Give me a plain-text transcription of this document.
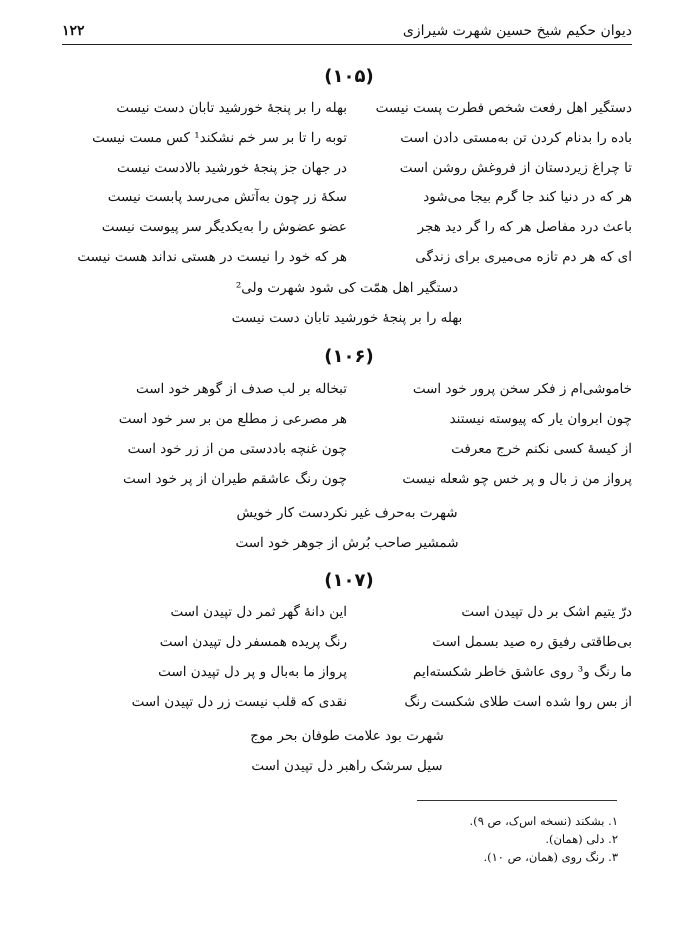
۱۲۲	دیوان حکیم شیخ حسین شهرت شیرازی
(۱۰۵)
دستگیر اهل رفعت شخص فطرت پست نیست
بهله را بر پنجهٔ خورشید تابان دست نیست
باده را بدنام کردن تن به‌مستی دادن است
توبه را تا بر سر خم نشکند¹ کس مست نیست
تا چراغ زیردستان از فروغش روشن است
در جهان جز پنجهٔ خورشید بالادست نیست
هر که در دنیا کند جا گرم بیجا می‌شود
سکهٔ زر چون به‌آتش می‌رسد پابست نیست
باعث درد مفاصل هر که را گر دید هجر
عضو عضوش را به‌یکدیگر سر پیوست نیست
ای که هر دم تازه می‌میری برای زندگی
هر که خود را نیست در هستی نداند هست نیست
دستگیر اهل همّت کی شود شهرت ولی²
بهله را بر پنجهٔ خورشید تابان دست نیست
(۱۰۶)
خاموشی‌ام ز فکر سخن پرور خود است
تبخاله بر لب صدف از گوهر خود است
چون ابروان یار که پیوسته نیستند
هر مصرعی ز مطلع من بر سر خود است
از کیسهٔ کسی نکنم خرج معرفت
چون غنچه باددستی من از زر خود است
پرواز من ز بال و پر خس چو شعله نیست
چون رنگ عاشقم طیران از پر خود است
شهرت به‌حرف غیر نکردست کار خویش
شمشیر صاحب بُرش از جوهر خود است
(۱۰۷)
درّ یتیم اشک بر دل تپیدن است
این دانهٔ گهر ثمر دل تپیدن است
بی‌طاقتی رفیق ره صید بسمل است
رنگ پریده همسفر دل تپیدن است
ما رنگ و³ روی عاشق خاطر شکسته‌ایم
پرواز ما به‌بال و پر دل تپیدن است
از بس روا شده است طلای شکست رنگ
نقدی که قلب نیست زر دل تپیدن است
شهرت بود علامت طوفان بحر موج
سیل سرشک راهبر دل تپیدن است
۱. بشکند (نسخه اس‌ک، ص ۹).
۲. دلی (همان).
۳. رنگ روی (همان، ص ۱۰).
